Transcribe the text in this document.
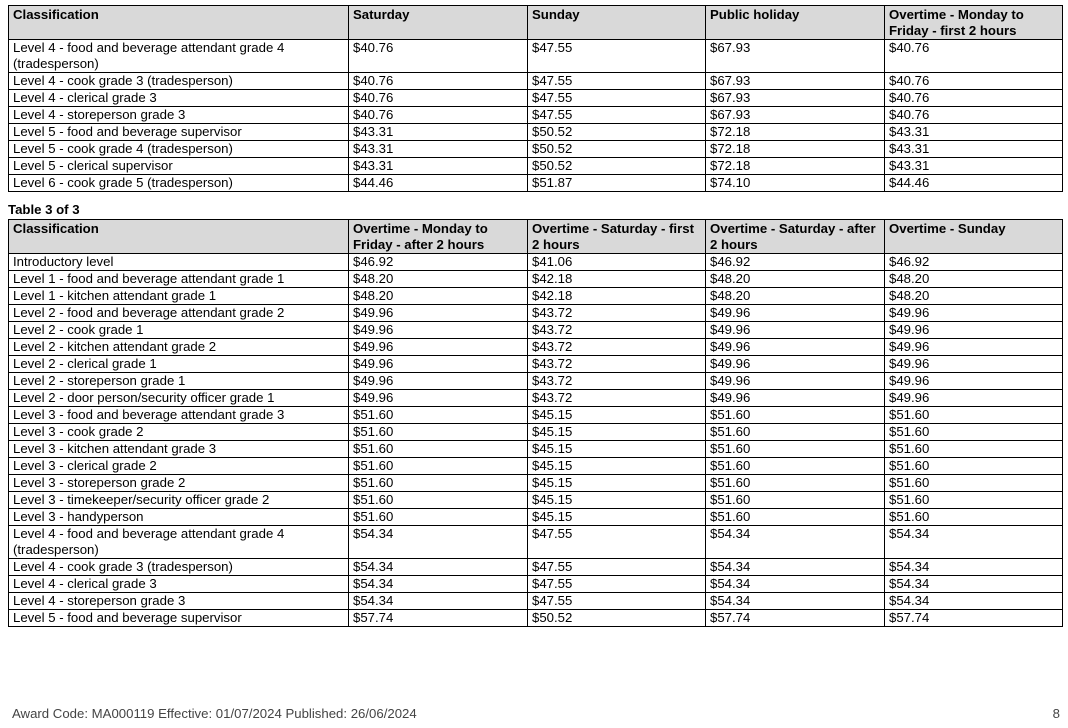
Classification	Saturday	Sunday	Public holiday	Overtime - Monday to Friday - first 2 hours
Level 4 - food and beverage attendant grade 4 (tradesperson)	$40.76	$47.55	$67.93	$40.76
Level 4 - cook grade 3 (tradesperson)	$40.76	$47.55	$67.93	$40.76
Level 4 - clerical grade 3	$40.76	$47.55	$67.93	$40.76
Level 4 - storeperson grade 3	$40.76	$47.55	$67.93	$40.76
Level 5 - food and beverage supervisor	$43.31	$50.52	$72.18	$43.31
Level 5 - cook grade 4 (tradesperson)	$43.31	$50.52	$72.18	$43.31
Level 5 - clerical supervisor	$43.31	$50.52	$72.18	$43.31
Level 6 - cook grade 5 (tradesperson)	$44.46	$51.87	$74.10	$44.46
Table 3 of 3
Classification	Overtime - Monday to Friday - after 2 hours	Overtime - Saturday - first 2 hours	Overtime - Saturday - after 2 hours	Overtime - Sunday
Introductory level	$46.92	$41.06	$46.92	$46.92
Level 1 - food and beverage attendant grade 1	$48.20	$42.18	$48.20	$48.20
Level 1 - kitchen attendant grade 1	$48.20	$42.18	$48.20	$48.20
Level 2 - food and beverage attendant grade 2	$49.96	$43.72	$49.96	$49.96
Level 2 - cook grade 1	$49.96	$43.72	$49.96	$49.96
Level 2 - kitchen attendant grade 2	$49.96	$43.72	$49.96	$49.96
Level 2 - clerical grade 1	$49.96	$43.72	$49.96	$49.96
Level 2 - storeperson grade 1	$49.96	$43.72	$49.96	$49.96
Level 2 - door person/security officer grade 1	$49.96	$43.72	$49.96	$49.96
Level 3 - food and beverage attendant grade 3	$51.60	$45.15	$51.60	$51.60
Level 3 - cook grade 2	$51.60	$45.15	$51.60	$51.60
Level 3 - kitchen attendant grade 3	$51.60	$45.15	$51.60	$51.60
Level 3 - clerical grade 2	$51.60	$45.15	$51.60	$51.60
Level 3 - storeperson grade 2	$51.60	$45.15	$51.60	$51.60
Level 3 - timekeeper/security officer grade 2	$51.60	$45.15	$51.60	$51.60
Level 3 - handyperson	$51.60	$45.15	$51.60	$51.60
Level 4 - food and beverage attendant grade 4 (tradesperson)	$54.34	$47.55	$54.34	$54.34
Level 4 - cook grade 3 (tradesperson)	$54.34	$47.55	$54.34	$54.34
Level 4 - clerical grade 3	$54.34	$47.55	$54.34	$54.34
Level 4 - storeperson grade 3	$54.34	$47.55	$54.34	$54.34
Level 5 - food and beverage supervisor	$57.74	$50.52	$57.74	$57.74
Award Code: MA000119 Effective: 01/07/2024 Published: 26/06/2024	8
